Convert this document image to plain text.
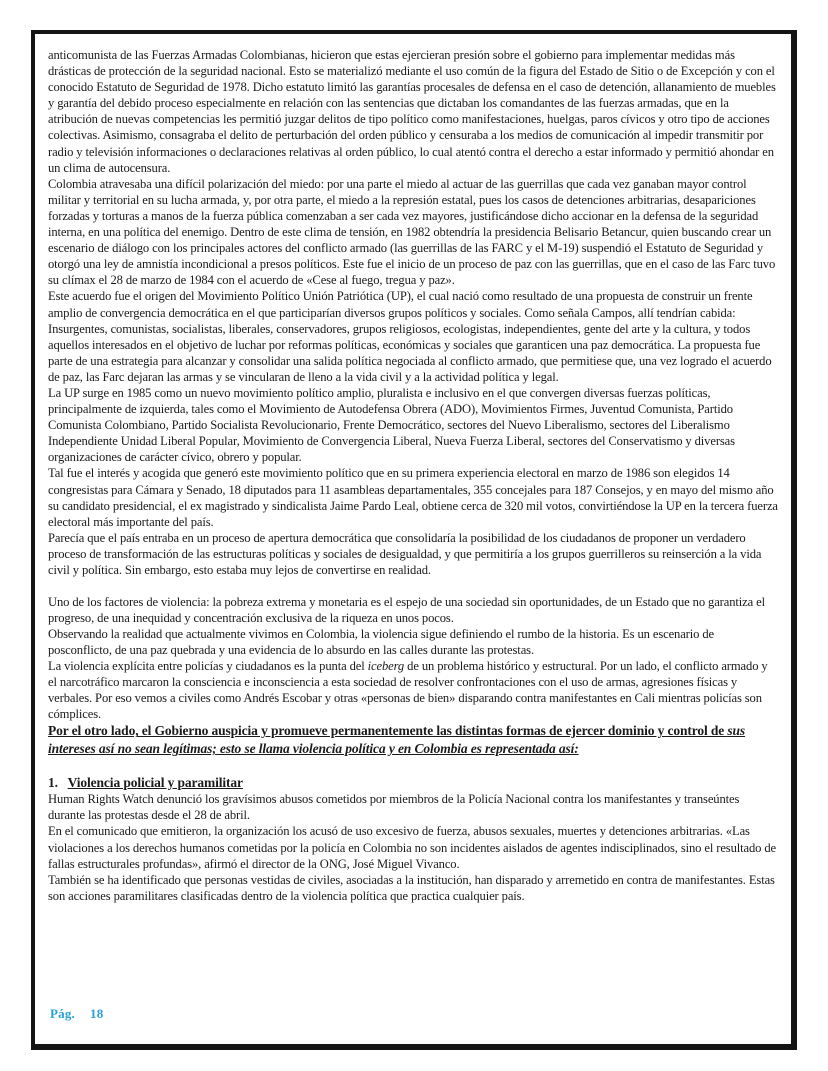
anticomunista de las Fuerzas Armadas Colombianas, hicieron que estas ejercieran presión sobre el gobierno para implementar medidas más drásticas de protección de la seguridad nacional. Esto se materializó mediante el uso común de la figura del Estado de Sitio o de Excepción y con el conocido Estatuto de Seguridad de 1978. Dicho estatuto limitó las garantías procesales de defensa en el caso de detención, allanamiento de muebles y garantía del debido proceso especialmente en relación con las sentencias que dictaban los comandantes de las fuerzas armadas, que en la atribución de nuevas competencias les permitió juzgar delitos de tipo político como manifestaciones, huelgas, paros cívicos y otro tipo de acciones colectivas. Asimismo, consagraba el delito de perturbación del orden público y censuraba a los medios de comunicación al impedir transmitir por radio y televisión informaciones o declaraciones relativas al orden público, lo cual atentó contra el derecho a estar informado y permitió ahondar en un clima de autocensura.

Colombia atravesaba una difícil polarización del miedo: por una parte el miedo al actuar de las guerrillas que cada vez ganaban mayor control militar y territorial en su lucha armada, y, por otra parte, el miedo a la represión estatal, pues los casos de detenciones arbitrarias, desapariciones forzadas y torturas a manos de la fuerza pública comenzaban a ser cada vez mayores, justificándose dicho accionar en la defensa de la seguridad interna, en una política del enemigo. Dentro de este clima de tensión, en 1982 obtendría la presidencia Belisario Betancur, quien buscando crear un escenario de diálogo con los principales actores del conflicto armado (las guerrillas de las FARC y el M-19) suspendió el Estatuto de Seguridad y otorgó una ley de amnistía incondicional a presos políticos. Este fue el inicio de un proceso de paz con las guerrillas, que en el caso de las Farc tuvo su clímax el 28 de marzo de 1984 con el acuerdo de «Cese al fuego, tregua y paz».

Este acuerdo fue el origen del Movimiento Político Unión Patriótica (UP), el cual nació como resultado de una propuesta de construir un frente amplio de convergencia democrática en el que participarían diversos grupos políticos y sociales. Como señala Campos, allí tendrían cabida:

Insurgentes, comunistas, socialistas, liberales, conservadores, grupos religiosos, ecologistas, independientes, gente del arte y la cultura, y todos aquellos interesados en el objetivo de luchar por reformas políticas, económicas y sociales que garanticen una paz democrática. La propuesta fue parte de una estrategia para alcanzar y consolidar una salida política negociada al conflicto armado, que permitiese que, una vez logrado el acuerdo de paz, las Farc dejaran las armas y se vincularan de lleno a la vida civil y a la actividad política y legal.

La UP surge en 1985 como un nuevo movimiento político amplio, pluralista e inclusivo en el que convergen diversas fuerzas políticas, principalmente de izquierda, tales como el Movimiento de Autodefensa Obrera (ADO), Movimientos Firmes, Juventud Comunista, Partido Comunista Colombiano, Partido Socialista Revolucionario, Frente Democrático, sectores del Nuevo Liberalismo, sectores del Liberalismo Independiente Unidad Liberal Popular, Movimiento de Convergencia Liberal, Nueva Fuerza Liberal, sectores del Conservatismo y diversas organizaciones de carácter cívico, obrero y popular.

Tal fue el interés y acogida que generó este movimiento político que en su primera experiencia electoral en marzo de 1986 son elegidos 14 congresistas para Cámara y Senado, 18 diputados para 11 asambleas departamentales, 355 concejales para 187 Consejos, y en mayo del mismo año su candidato presidencial, el ex magistrado y sindicalista Jaime Pardo Leal, obtiene cerca de 320 mil votos, convirtiéndose la UP en la tercera fuerza electoral más importante del país.

Parecía que el país entraba en un proceso de apertura democrática que consolidaría la posibilidad de los ciudadanos de proponer un verdadero proceso de transformación de las estructuras políticas y sociales de desigualdad, y que permitiría a los grupos guerrilleros su reinserción a la vida civil y política. Sin embargo, esto estaba muy lejos de convertirse en realidad.

Uno de los factores de violencia: la pobreza extrema y monetaria es el espejo de una sociedad sin oportunidades, de un Estado que no garantiza el progreso, de una inequidad y concentración exclusiva de la riqueza en unos pocos.

Observando la realidad que actualmente vivimos en Colombia, la violencia sigue definiendo el rumbo de la historia. Es un escenario de posconflicto, de una paz quebrada y una evidencia de lo absurdo en las calles durante las protestas.

La violencia explícita entre policías y ciudadanos es la punta del iceberg de un problema histórico y estructural. Por un lado, el conflicto armado y el narcotráfico marcaron la consciencia e inconsciencia a esta sociedad de resolver confrontaciones con el uso de armas, agresiones físicas y verbales. Por eso vemos a civiles como Andrés Escobar y otras «personas de bien» disparando contra manifestantes en Cali mientras policías son cómplices.

Por el otro lado, el Gobierno auspicia y promueve permanentemente las distintas formas de ejercer dominio y control de sus intereses así no sean legítimas; esto se llama violencia política y en Colombia es representada así:

1. Violencia policial y paramilitar

Human Rights Watch denunció los gravísimos abusos cometidos por miembros de la Policía Nacional contra los manifestantes y transeúntes durante las protestas desde el 28 de abril.

En el comunicado que emitieron, la organización los acusó de uso excesivo de fuerza, abusos sexuales, muertes y detenciones arbitrarias. «Las violaciones a los derechos humanos cometidas por la policía en Colombia no son incidentes aislados de agentes indisciplinados, sino el resultado de fallas estructurales profundas», afirmó el director de la ONG, José Miguel Vivanco.

También se ha identificado que personas vestidas de civiles, asociadas a la institución, han disparado y arremetido en contra de manifestantes. Estas son acciones paramilitares clasificadas dentro de la violencia política que practica cualquier país.

Pág. 18
